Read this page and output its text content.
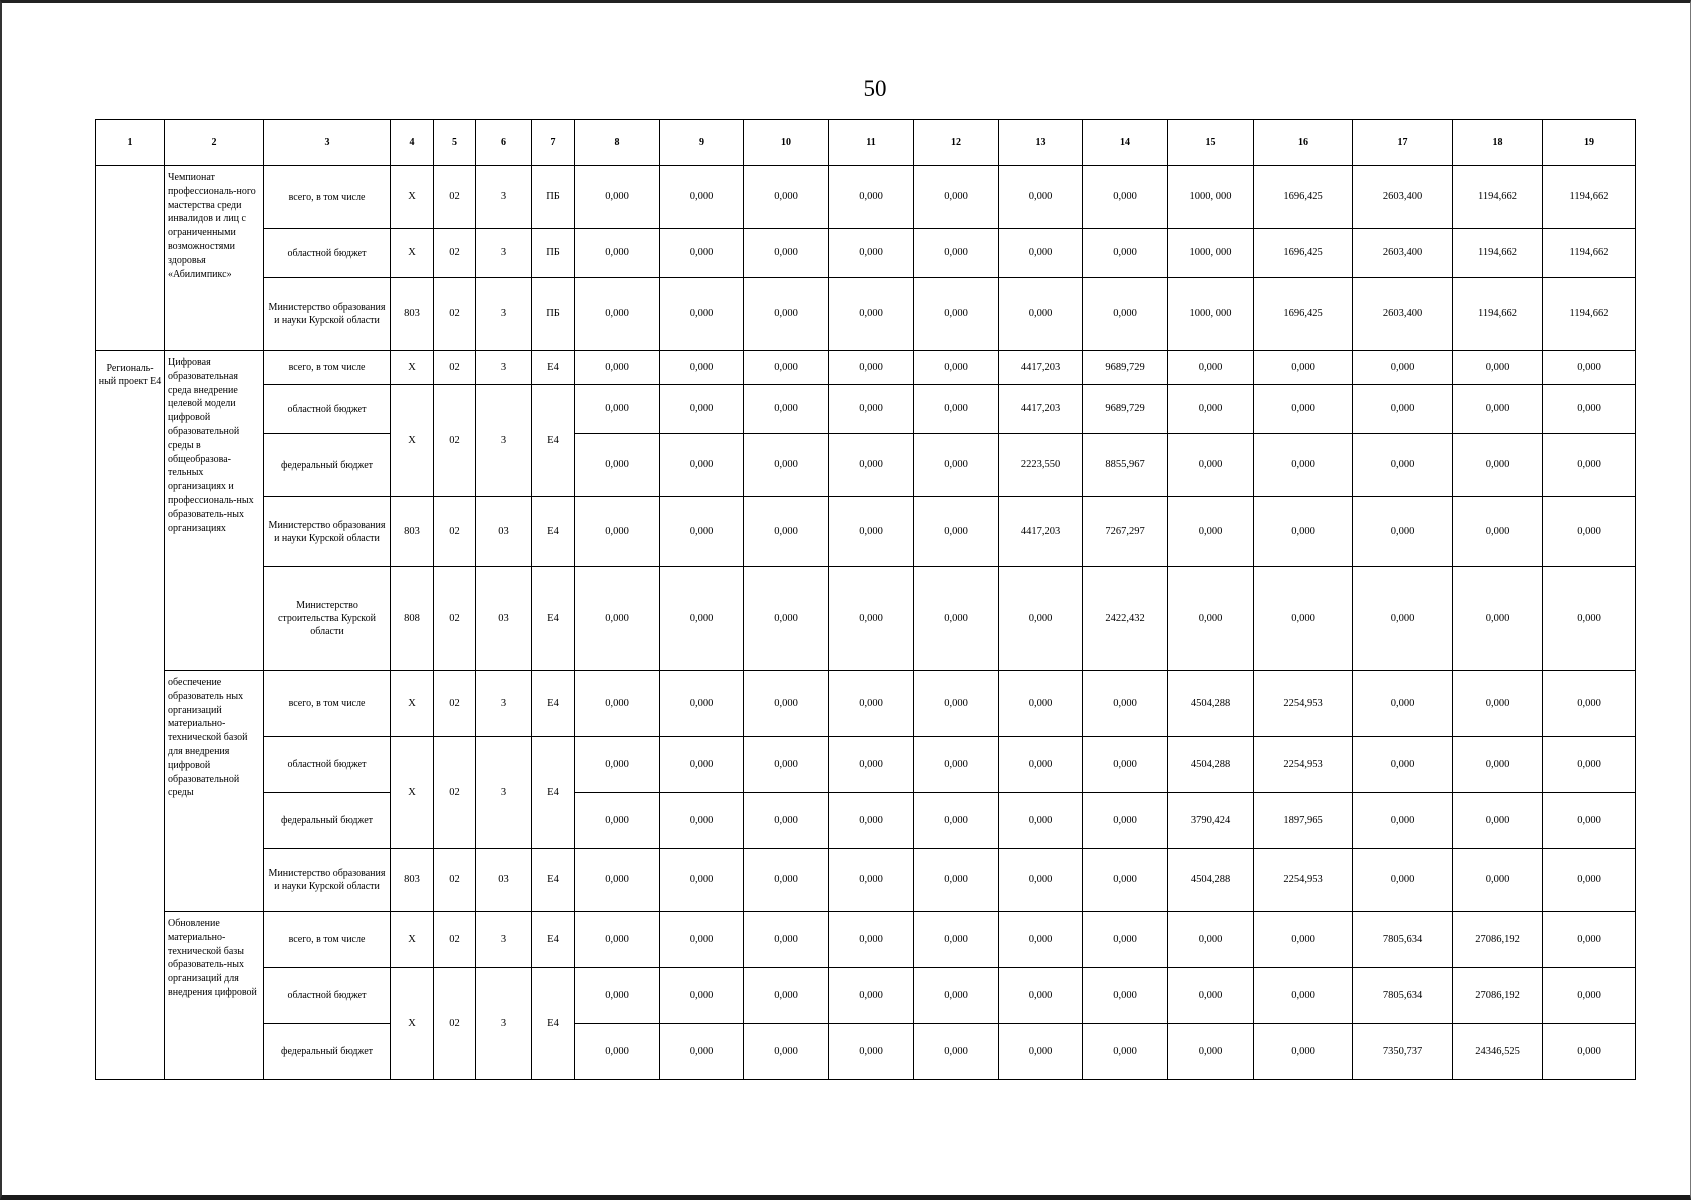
50
1	2	3	4	5	6	7	8	9	10	11	12	13	14	15	16	17	18	19
	Чемпионат профессиональ-ного мастерства среди инвалидов и лиц с ограниченными возможностями здоровья «Абилимпикс»	всего, в том числе	X	02	3	ПБ	0,000	0,000	0,000	0,000	0,000	0,000	0,000	1000, 000	1696,425	2603,400	1194,662	1194,662
		областной бюджет	X	02	3	ПБ	0,000	0,000	0,000	0,000	0,000	0,000	0,000	1000, 000	1696,425	2603,400	1194,662	1194,662
		Министерство образования и науки Курской области	803	02	3	ПБ	0,000	0,000	0,000	0,000	0,000	0,000	0,000	1000, 000	1696,425	2603,400	1194,662	1194,662
Региональ-ный проект Е4	Цифровая образовательная среда внедрение целевой модели цифровой образовательной среды в общеобразова-тельных организациях и профессиональ-ных образователь-ных организациях	всего, в том числе	X	02	3	Е4	0,000	0,000	0,000	0,000	0,000	4417,203	9689,729	0,000	0,000	0,000	0,000	0,000
		областной бюджет	X	02	3	Е4	0,000	0,000	0,000	0,000	0,000	4417,203	9689,729	0,000	0,000	0,000	0,000	0,000
		федеральный бюджет					0,000	0,000	0,000	0,000	0,000	2223,550	8855,967	0,000	0,000	0,000	0,000	0,000
		Министерство образования и науки Курской области	803	02	03	Е4	0,000	0,000	0,000	0,000	0,000	4417,203	7267,297	0,000	0,000	0,000	0,000	0,000
		Министерство строительства Курской области	808	02	03	Е4	0,000	0,000	0,000	0,000	0,000	0,000	2422,432	0,000	0,000	0,000	0,000	0,000
	обеспечение образователь ных организаций материально-технической базой для внедрения цифровой образовательной среды	всего, в том числе	X	02	3	Е4	0,000	0,000	0,000	0,000	0,000	0,000	0,000	4504,288	2254,953	0,000	0,000	0,000
		областной бюджет	X	02	3	Е4	0,000	0,000	0,000	0,000	0,000	0,000	0,000	4504,288	2254,953	0,000	0,000	0,000
		федеральный бюджет					0,000	0,000	0,000	0,000	0,000	0,000	0,000	3790,424	1897,965	0,000	0,000	0,000
		Министерство образования и науки Курской области	803	02	03	Е4	0,000	0,000	0,000	0,000	0,000	0,000	0,000	4504,288	2254,953	0,000	0,000	0,000
	Обновление материально-технической базы образователь-ных организаций для внедрения цифровой	всего, в том числе	X	02	3	Е4	0,000	0,000	0,000	0,000	0,000	0,000	0,000	0,000	0,000	7805,634	27086,192	0,000
		областной бюджет	X	02	3	Е4	0,000	0,000	0,000	0,000	0,000	0,000	0,000	0,000	0,000	7805,634	27086,192	0,000
		федеральный бюджет					0,000	0,000	0,000	0,000	0,000	0,000	0,000	0,000	0,000	7350,737	24346,525	0,000
